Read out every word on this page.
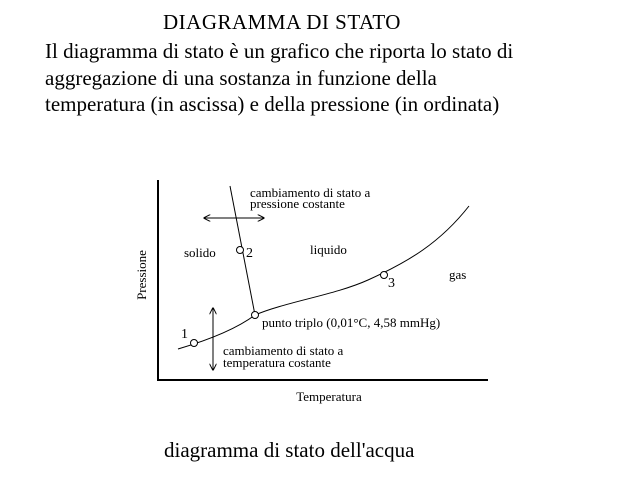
DIAGRAMMA DI STATO
Il diagramma di stato è un grafico che riporta lo stato di
aggregazione di una sostanza in funzione della
temperatura (in ascissa) e della pressione (in ordinata)
Pressione
Temperatura
solido	liquido
gas
1
2
3
cambiamento di stato a
pressione costante
punto triplo (0,01°C, 4,58 mmHg)
cambiamento di stato a
temperatura costante
diagramma di stato dell'acqua
